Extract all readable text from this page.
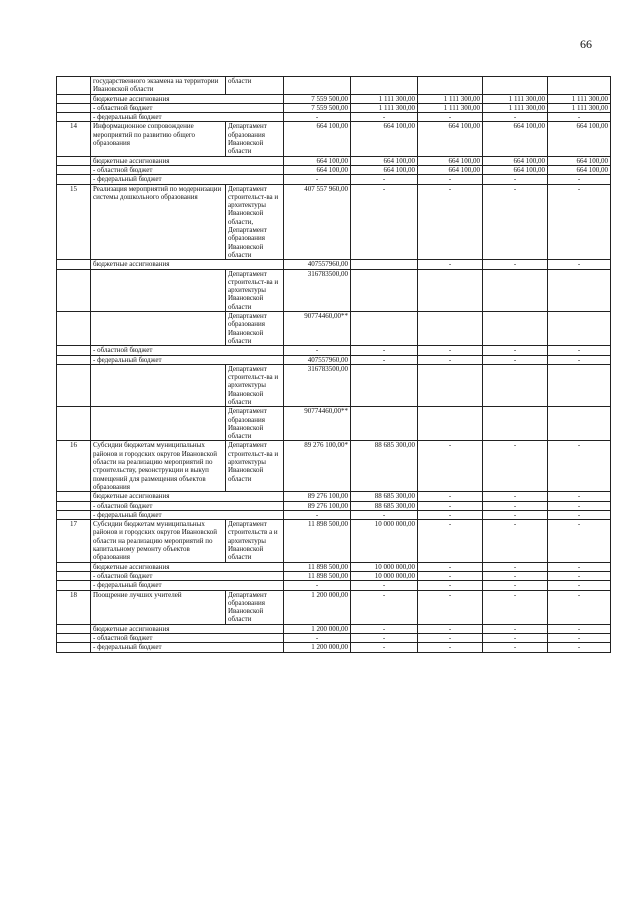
66
	государственного экзамена на территории Ивановской области	области					
	бюджетные ассигнования		7 559 500,00	1 111 300,00	1 111 300,00	1 111 300,00	1 111 300,00
	- областной бюджет		7 559 500,00	1 111 300,00	1 111 300,00	1 111 300,00	1 111 300,00
	- федеральный бюджет		-	-	-	-	-
14	Информационное сопровождение мероприятий по развитию общего образования	Департамент образования Ивановской области	664 100,00	664 100,00	664 100,00	664 100,00	664 100,00
	бюджетные ассигнования		664 100,00	664 100,00	664 100,00	664 100,00	664 100,00
	- областной бюджет		664 100,00	664 100,00	664 100,00	664 100,00	664 100,00
	- федеральный бюджет		-	-	-	-	-
15	Реализация мероприятий по модернизации системы дошкольного образования	Департамент строительст-ва и архитектуры Ивановской области, Департамент образования Ивановской области	407 557 960,00	-	-	-	-
	бюджетные ассигнования		407557960,00		-	-	-
		Департамент строительст-ва и архитектуры Ивановской области	316783500,00				
		Департамент образования Ивановской области	90774460,00**				
	- областной бюджет		-	-	-	-	-
	- федеральный бюджет		407557960,00	-	-	-	-
		Департамент строительст-ва и архитектуры Ивановской области	316783500,00				
		Департамент образования Ивановской области	90774460,00**				
16	Субсидии бюджетам муниципальных районов и городских округов Ивановской области на реализацию мероприятий по строительству, реконструкции и выкуп помещений для размещения объектов образования	Департамент строительст-ва и архитектуры Ивановской области	89 276 100,00*	88 685 300,00	-	-	-
	бюджетные ассигнования		89 276 100,00	88 685 300,00	-	-	-
	- областной бюджет		89 276 100,00	88 685 300,00	-	-	-
	- федеральный бюджет		-	-	-	-	-
17	Субсидии бюджетам муниципальных районов и городских округов Ивановской области на реализацию мероприятий по капитальному ремонту объектов образования	Департамент строительств а и архитектуры Ивановской области	11 898 500,00	10 000 000,00	-	-	-
	бюджетные ассигнования		11 898 500,00	10 000 000,00	-	-	-
	- областной бюджет		11 898 500,00	10 000 000,00	-	-	-
	- федеральный бюджет		-	-	-	-	-
18	Поощрение лучших учителей	Департамент образования Ивановской области	1 200 000,00	-	-	-	-
	бюджетные ассигнования		1 200 000,00	-	-	-	-
	- областной бюджет		-	-	-	-	-
	- федеральный бюджет		1 200 000,00	-	-	-	-
